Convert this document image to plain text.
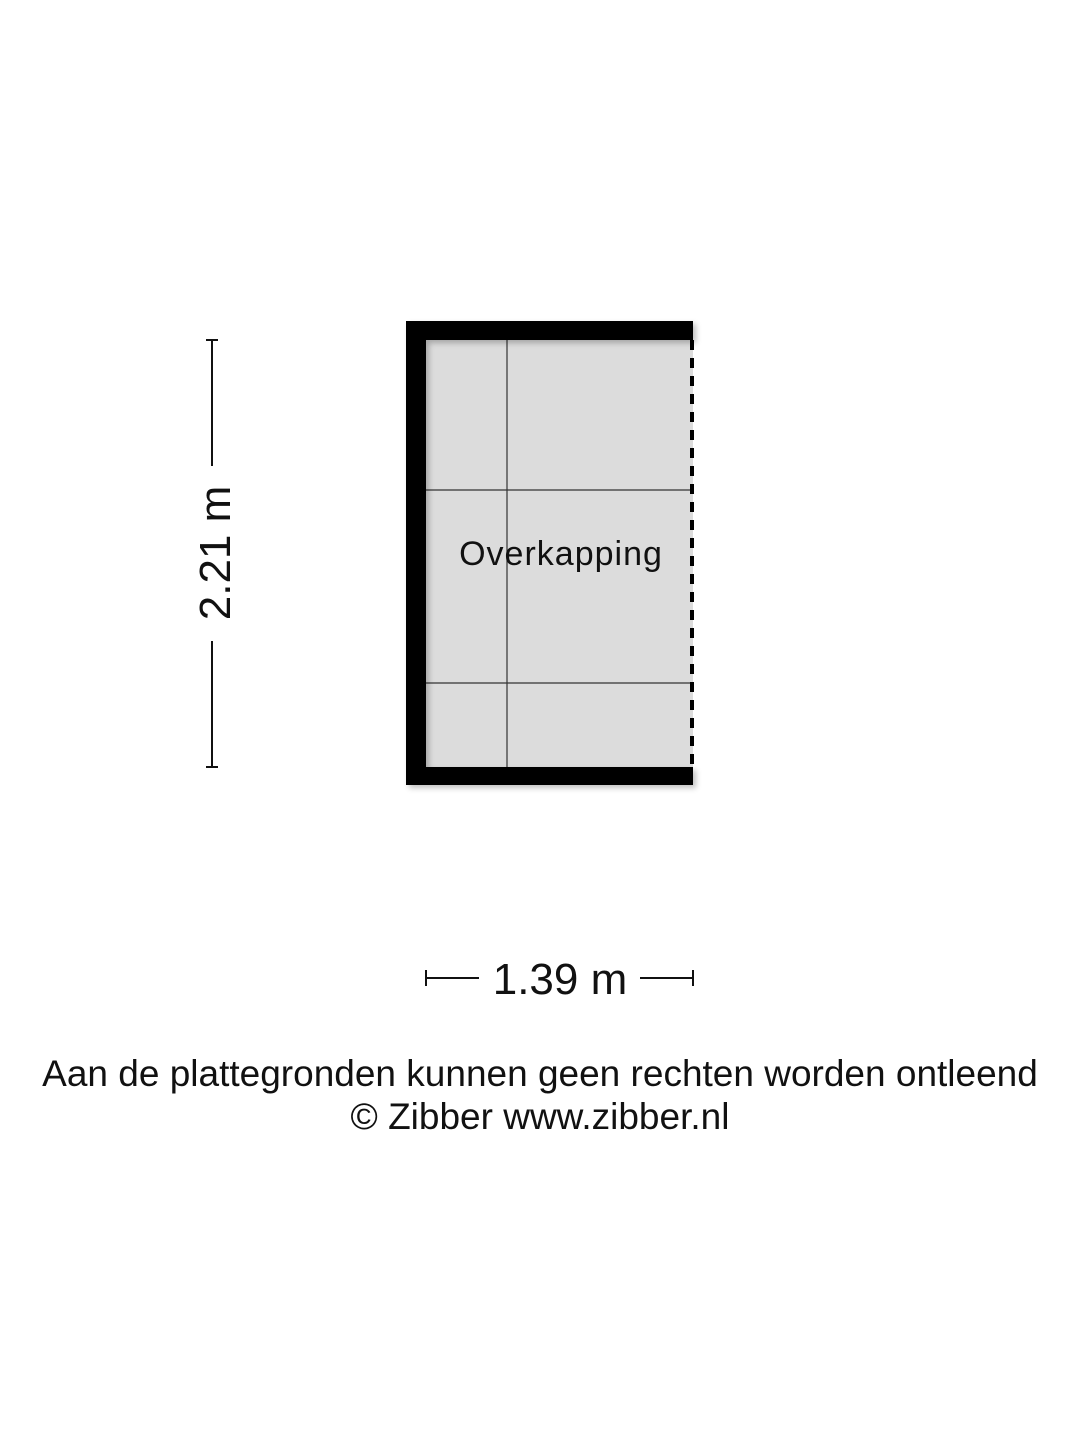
Overkapping
2.21 m
1.39 m
Aan de plattegronden kunnen geen rechten worden ontleend
© Zibber www.zibber.nl
